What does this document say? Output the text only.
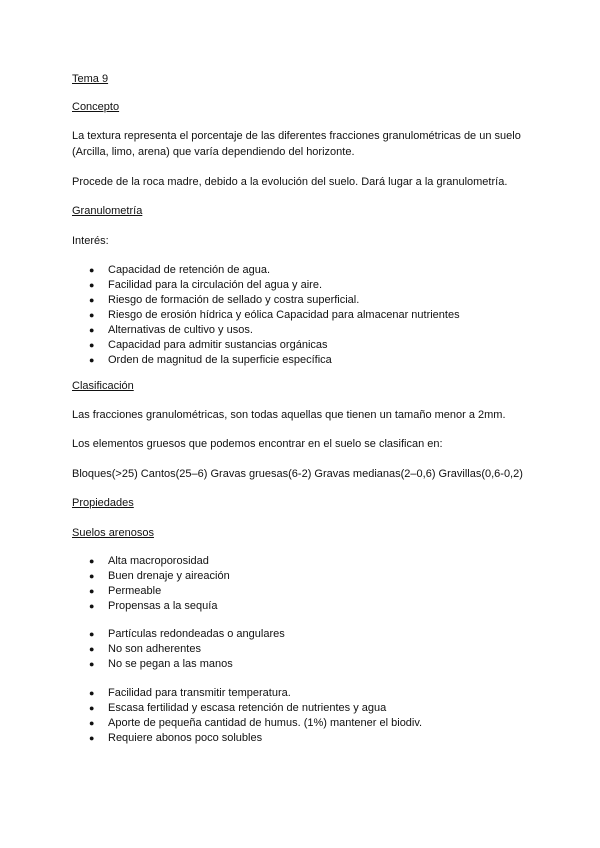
Tema 9

Concepto

La textura representa el porcentaje de las diferentes fracciones granulométricas de un suelo

(Arcilla, limo, arena) que varía dependiendo del horizonte.

Procede de la roca madre, debido a la evolución del suelo. Dará lugar a la granulometría.

Granulometría

Interés:

● Capacidad de retención de agua.
● Facilidad para la circulación del agua y aire.
● Riesgo de formación de sellado y costra superficial.
● Riesgo de erosión hídrica y eólica Capacidad para almacenar nutrientes
● Alternativas de cultivo y usos.
● Capacidad para admitir sustancias orgánicas
● Orden de magnitud de la superficie específica

Clasificación

Las fracciones granulométricas, son todas aquellas que tienen un tamaño menor a 2mm.

Los elementos gruesos que podemos encontrar en el suelo se clasifican en:

Bloques(>25) Cantos(25–6) Gravas gruesas(6-2) Gravas medianas(2–0,6) Gravillas(0,6-0,2)

Propiedades

Suelos arenosos

● Alta macroporosidad
● Buen drenaje y aireación
● Permeable
● Propensas a la sequía
● Partículas redondeadas o angulares
● No son adherentes
● No se pegan a las manos
● Facilidad para transmitir temperatura.
● Escasa fertilidad y escasa retención de nutrientes y agua
● Aporte de pequeña cantidad de humus. (1%) mantener el biodiv.
● Requiere abonos poco solubles
